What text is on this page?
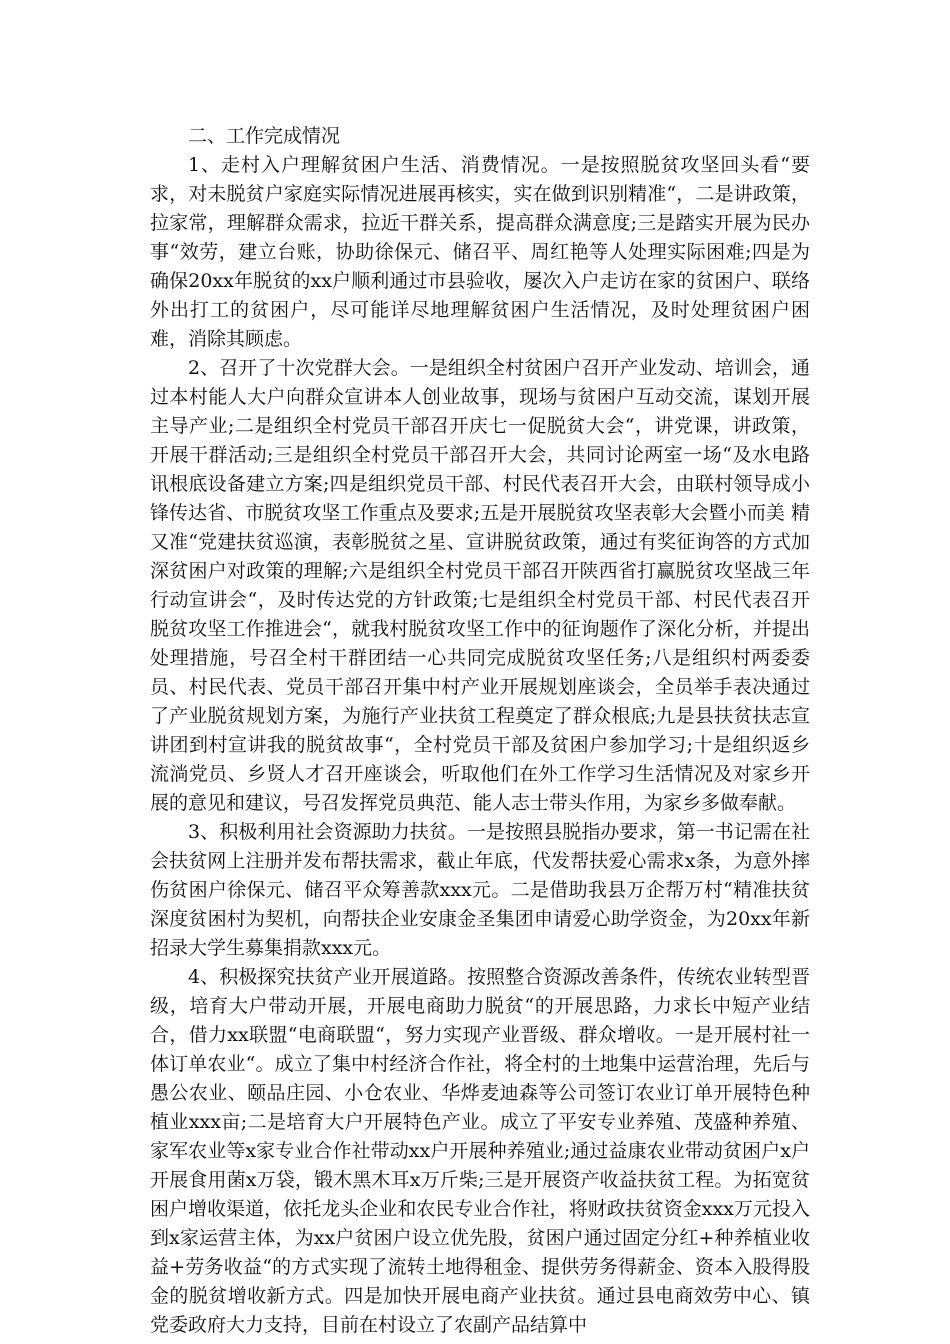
二、工作完成情况

1、走村入户理解贫困户生活、消费情况。一是按照脱贫攻坚回头看“要求，对未脱贫户家庭实际情况进展再核实，实在做到识别精准“，二是讲政策，拉家常，理解群众需求，拉近干群关系，提高群众满意度;三是踏实开展为民办事“效劳，建立台账，协助徐保元、储召平、周红艳等人处理实际困难;四是为确保20xx年脱贫的xx户顺利通过市县验收，屡次入户走访在家的贫困户、联络外出打工的贫困户，尽可能详尽地理解贫困户生活情况，及时处理贫困户困难，消除其顾虑。

2、召开了十次党群大会。一是组织全村贫困户召开产业发动、培训会，通过本村能人大户向群众宣讲本人创业故事，现场与贫困户互动交流，谋划开展主导产业;二是组织全村党员干部召开庆七一促脱贫大会“，讲党课，讲政策，开展干群活动;三是组织全村党员干部召开大会，共同讨论两室一场“及水电路讯根底设备建立方案;四是组织党员干部、村民代表召开大会，由联村领导成小锋传达省、市脱贫攻坚工作重点及要求;五是开展脱贫攻坚表彰大会暨小而美 精又准“党建扶贫巡演，表彰脱贫之星、宣讲脱贫政策，通过有奖征询答的方式加深贫困户对政策的理解;六是组织全村党员干部召开陕西省打赢脱贫攻坚战三年行动宣讲会“，及时传达党的方针政策;七是组织全村党员干部、村民代表召开脱贫攻坚工作推进会“，就我村脱贫攻坚工作中的征询题作了深化分析，并提出处理措施，号召全村干群团结一心共同完成脱贫攻坚任务;八是组织村两委委员、村民代表、党员干部召开集中村产业开展规划座谈会，全员举手表决通过了产业脱贫规划方案，为施行产业扶贫工程奠定了群众根底;九是县扶贫扶志宣讲团到村宣讲我的脱贫故事“，全村党员干部及贫困户参加学习;十是组织返乡流淌党员、乡贤人才召开座谈会，听取他们在外工作学习生活情况及对家乡开展的意见和建议，号召发挥党员典范、能人志士带头作用，为家乡多做奉献。

3、积极利用社会资源助力扶贫。一是按照县脱指办要求，第一书记需在社会扶贫网上注册并发布帮扶需求，截止年底，代发帮扶爱心需求x条，为意外摔伤贫困户徐保元、储召平众筹善款xxx元。二是借助我县万企帮万村“精准扶贫深度贫困村为契机，向帮扶企业安康金圣集团申请爱心助学资金，为20xx年新招录大学生募集捐款xxx元。

4、积极探究扶贫产业开展道路。按照整合资源改善条件，传统农业转型晋级，培育大户带动开展，开展电商助力脱贫“的开展思路，力求长中短产业结合，借力xx联盟“电商联盟“，努力实现产业晋级、群众增收。一是开展村社一体订单农业“。成立了集中村经济合作社，将全村的土地集中运营治理，先后与愚公农业、颐品庄园、小仓农业、华烨麦迪森等公司签订农业订单开展特色种植业xxx亩;二是培育大户开展特色产业。成立了平安专业养殖、茂盛种养殖、家军农业等x家专业合作社带动xx户开展种养殖业;通过益康农业带动贫困户x户开展食用菌x万袋，锻木黑木耳x万斤柴;三是开展资产收益扶贫工程。为拓宽贫困户增收渠道，依托龙头企业和农民专业合作社，将财政扶贫资金xxx万元投入到x家运营主体，为xx户贫困户设立优先股，贫困户通过固定分红+种养植业收益+劳务收益“的方式实现了流转土地得租金、提供劳务得薪金、资本入股得股金的脱贫增收新方式。四是加快开展电商产业扶贫。通过县电商效劳中心、镇党委政府大力支持，目前在村设立了农副产品结算中
